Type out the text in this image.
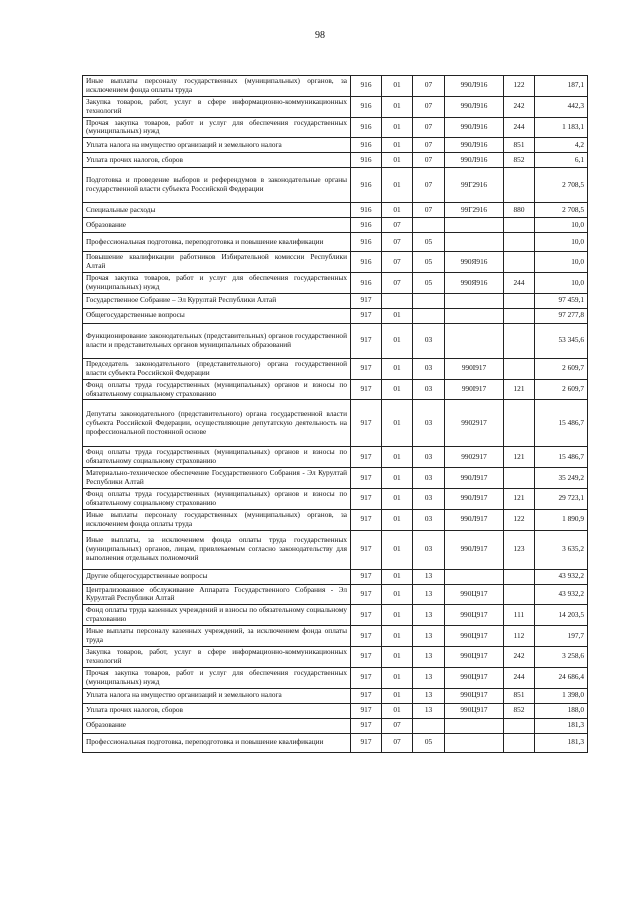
98
Иные выплаты персоналу государственных (муниципальных) органов, за исключением фонда оплаты труда	916	01	07	990Л916	122	187,1
Закупка товаров, работ, услуг в сфере информационно-коммуникационных технологий	916	01	07	990Л916	242	442,3
Прочая закупка товаров, работ и услуг для обеспечения государственных (муниципальных) нужд	916	01	07	990Л916	244	1 183,1
Уплата налога на имущество организаций и земельного налога	916	01	07	990Л916	851	4,2
Уплата прочих налогов, сборов	916	01	07	990Л916	852	6,1
Подготовка и проведение выборов и референдумов в законодательные органы государственной власти субъекта Российской Федерации	916	01	07	99Г2916		2 708,5
Специальные расходы	916	01	07	99Г2916	880	2 708,5
Образование	916	07				10,0
Профессиональная подготовка, переподготовка и повышение квалификации	916	07	05			10,0
Повышение квалификации работников Избирательной комиссии Республики Алтай	916	07	05	990Я916		10,0
Прочая закупка товаров, работ и услуг для обеспечения государственных (муниципальных) нужд	916	07	05	990Я916	244	10,0
Государственное Собрание – Эл Курултай Республики Алтай	917					97 459,1
Общегосударственные вопросы	917	01				97 277,8
Функционирование законодательных (представительных) органов государственной власти и представительных органов муниципальных образований	917	01	03			53 345,6
Председатель законодательного (представительного) органа государственной власти субъекта Российской Федерации	917	01	03	990I917		2 609,7
Фонд оплаты труда государственных (муниципальных) органов и взносы по обязательному социальному страхованию	917	01	03	990I917	121	2 609,7
Депутаты законодательного (представительного) органа государственной власти субъекта Российской Федерации, осуществляющие депутатскую деятельность на профессиональной постоянной основе	917	01	03	9902917		15 486,7
Фонд оплаты труда государственных (муниципальных) органов и взносы по обязательному социальному страхованию	917	01	03	9902917	121	15 486,7
Материально-техническое обеспечение Государственного Собрания - Эл Курултай Республики Алтай	917	01	03	990Л917		35 249,2
Фонд оплаты труда государственных (муниципальных) органов и взносы по обязательному социальному страхованию	917	01	03	990Л917	121	29 723,1
Иные выплаты персоналу государственных (муниципальных) органов, за исключением фонда оплаты труда	917	01	03	990Л917	122	1 890,9
Иные выплаты, за исключением фонда оплаты труда государственных (муниципальных) органов, лицам, привлекаемым согласно законодательству для выполнения отдельных полномочий	917	01	03	990Л917	123	3 635,2
Другие общегосударственные вопросы	917	01	13			43 932,2
Централизованное обслуживание Аппарата Государственного Собрания - Эл Курултай Республики Алтай	917	01	13	990Ц917		43 932,2
Фонд оплаты труда казенных учреждений и взносы по обязательному социальному страхованию	917	01	13	990Ц917	111	14 203,5
Иные выплаты персоналу казенных учреждений, за исключением фонда оплаты труда	917	01	13	990Ц917	112	197,7
Закупка товаров, работ, услуг в сфере информационно-коммуникационных технологий	917	01	13	990Ц917	242	3 258,6
Прочая закупка товаров, работ и услуг для обеспечения государственных (муниципальных) нужд	917	01	13	990Ц917	244	24 686,4
Уплата налога на имущество организаций и земельного налога	917	01	13	990Ц917	851	1 398,0
Уплата прочих налогов, сборов	917	01	13	990Ц917	852	188,0
Образование	917	07				181,3
Профессиональная подготовка, переподготовка и повышение квалификации	917	07	05			181,3
